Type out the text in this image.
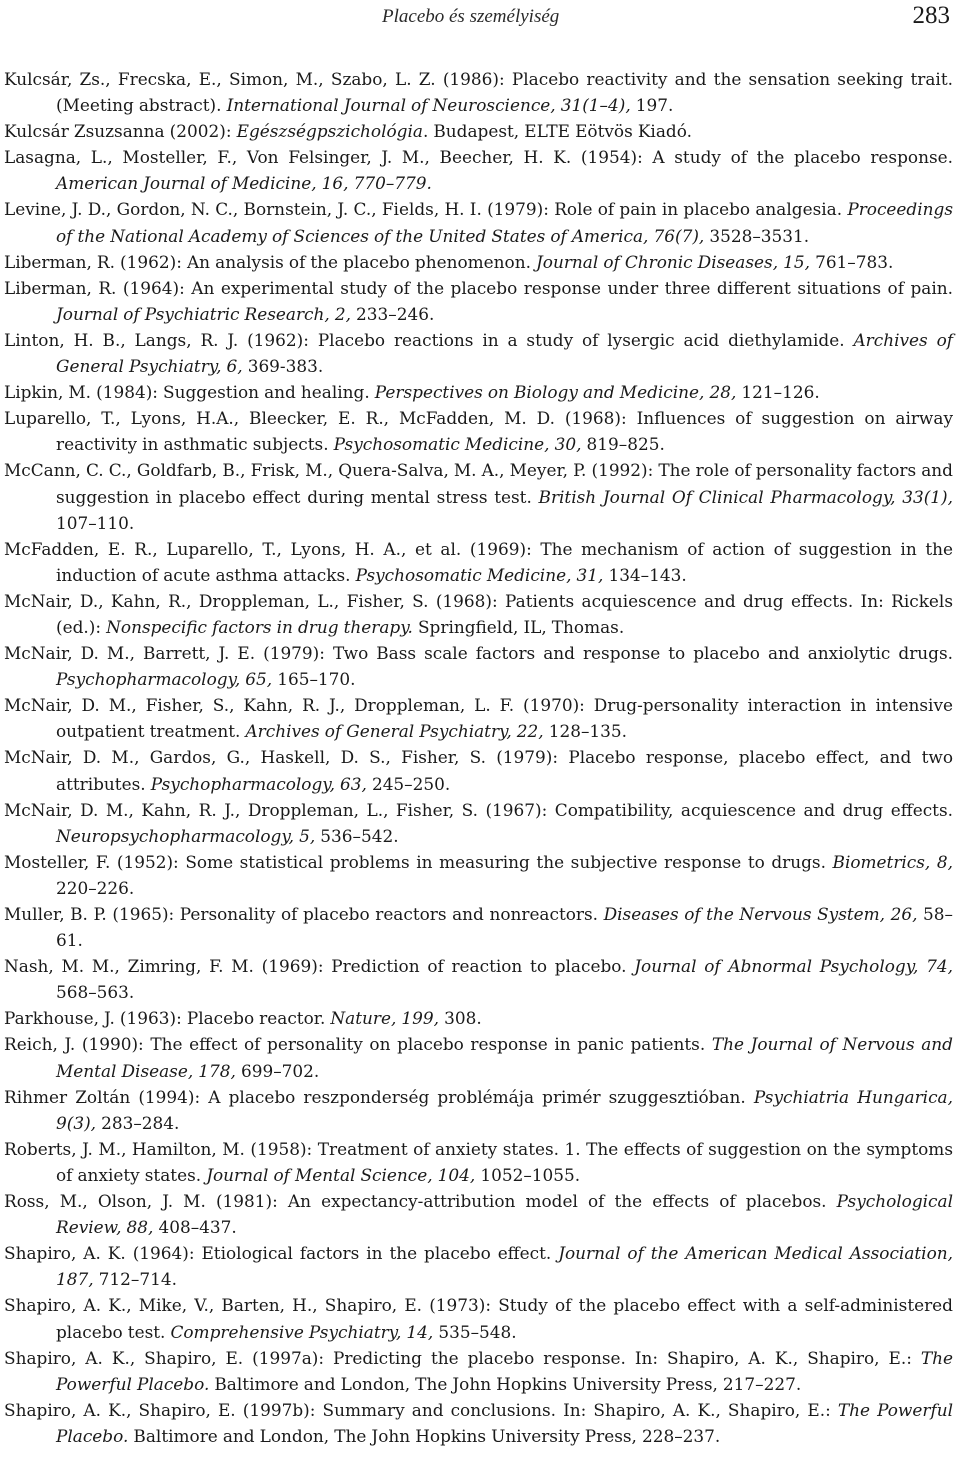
Placebo és személyiség	283
Kulcsár, Zs., Frecska, E., Simon, M., Szabo, L. Z. (1986): Placebo reactivity and the sensation seeking trait. (Meeting abstract). International Journal of Neuroscience, 31(1–4), 197.
Kulcsár Zsuzsanna (2002): Egészségpszichológia. Budapest, ELTE Eötvös Kiadó.
Lasagna, L., Mosteller, F., Von Felsinger, J. M., Beecher, H. K. (1954): A study of the placebo response. American Journal of Medicine, 16, 770–779.
Levine, J. D., Gordon, N. C., Bornstein, J. C., Fields, H. I. (1979): Role of pain in placebo analgesia. Proceedings of the National Academy of Sciences of the United States of America, 76(7), 3528–3531.
Liberman, R. (1962): An analysis of the placebo phenomenon. Journal of Chronic Diseases, 15, 761–783.
Liberman, R. (1964): An experimental study of the placebo response under three different situations of pain. Journal of Psychiatric Research, 2, 233–246.
Linton, H. B., Langs, R. J. (1962): Placebo reactions in a study of lysergic acid diethylamide. Archives of General Psychiatry, 6, 369-383.
Lipkin, M. (1984): Suggestion and healing. Perspectives on Biology and Medicine, 28, 121–126.
Luparello, T., Lyons, H.A., Bleecker, E. R., McFadden, M. D. (1968): Influences of suggestion on airway reactivity in asthmatic subjects. Psychosomatic Medicine, 30, 819–825.
McCann, C. C., Goldfarb, B., Frisk, M., Quera-Salva, M. A., Meyer, P. (1992): The role of personality factors and suggestion in placebo effect during mental stress test. British Journal Of Clinical Pharmacology, 33(1), 107–110.
McFadden, E. R., Luparello, T., Lyons, H. A., et al. (1969): The mechanism of action of suggestion in the induction of acute asthma attacks. Psychosomatic Medicine, 31, 134–143.
McNair, D., Kahn, R., Droppleman, L., Fisher, S. (1968): Patients acquiescence and drug effects. In: Rickels (ed.): Nonspecific factors in drug therapy. Springfield, IL, Thomas.
McNair, D. M., Barrett, J. E. (1979): Two Bass scale factors and response to placebo and anxiolytic drugs. Psychopharmacology, 65, 165–170.
McNair, D. M., Fisher, S., Kahn, R. J., Droppleman, L. F. (1970): Drug-personality interaction in intensive outpatient treatment. Archives of General Psychiatry, 22, 128–135.
McNair, D. M., Gardos, G., Haskell, D. S., Fisher, S. (1979): Placebo response, placebo effect, and two attributes. Psychopharmacology, 63, 245–250.
McNair, D. M., Kahn, R. J., Droppleman, L., Fisher, S. (1967): Compatibility, acquiescence and drug effects. Neuropsychopharmacology, 5, 536–542.
Mosteller, F. (1952): Some statistical problems in measuring the subjective response to drugs. Biometrics, 8, 220–226.
Muller, B. P. (1965): Personality of placebo reactors and nonreactors. Diseases of the Nervous System, 26, 58–61.
Nash, M. M., Zimring, F. M. (1969): Prediction of reaction to placebo. Journal of Abnormal Psychology, 74, 568–563.
Parkhouse, J. (1963): Placebo reactor. Nature, 199, 308.
Reich, J. (1990): The effect of personality on placebo response in panic patients. The Journal of Nervous and Mental Disease, 178, 699–702.
Rihmer Zoltán (1994): A placebo reszponderség problémája primér szuggesztióban. Psychiatria Hungarica, 9(3), 283–284.
Roberts, J. M., Hamilton, M. (1958): Treatment of anxiety states. 1. The effects of suggestion on the symptoms of anxiety states. Journal of Mental Science, 104, 1052–1055.
Ross, M., Olson, J. M. (1981): An expectancy-attribution model of the effects of placebos. Psychological Review, 88, 408–437.
Shapiro, A. K. (1964): Etiological factors in the placebo effect. Journal of the American Medical Association, 187, 712–714.
Shapiro, A. K., Mike, V., Barten, H., Shapiro, E. (1973): Study of the placebo effect with a self-administered placebo test. Comprehensive Psychiatry, 14, 535–548.
Shapiro, A. K., Shapiro, E. (1997a): Predicting the placebo response. In: Shapiro, A. K., Shapiro, E.: The Powerful Placebo. Baltimore and London, The John Hopkins University Press, 217–227.
Shapiro, A. K., Shapiro, E. (1997b): Summary and conclusions. In: Shapiro, A. K., Shapiro, E.: The Powerful Placebo. Baltimore and London, The John Hopkins University Press, 228–237.
